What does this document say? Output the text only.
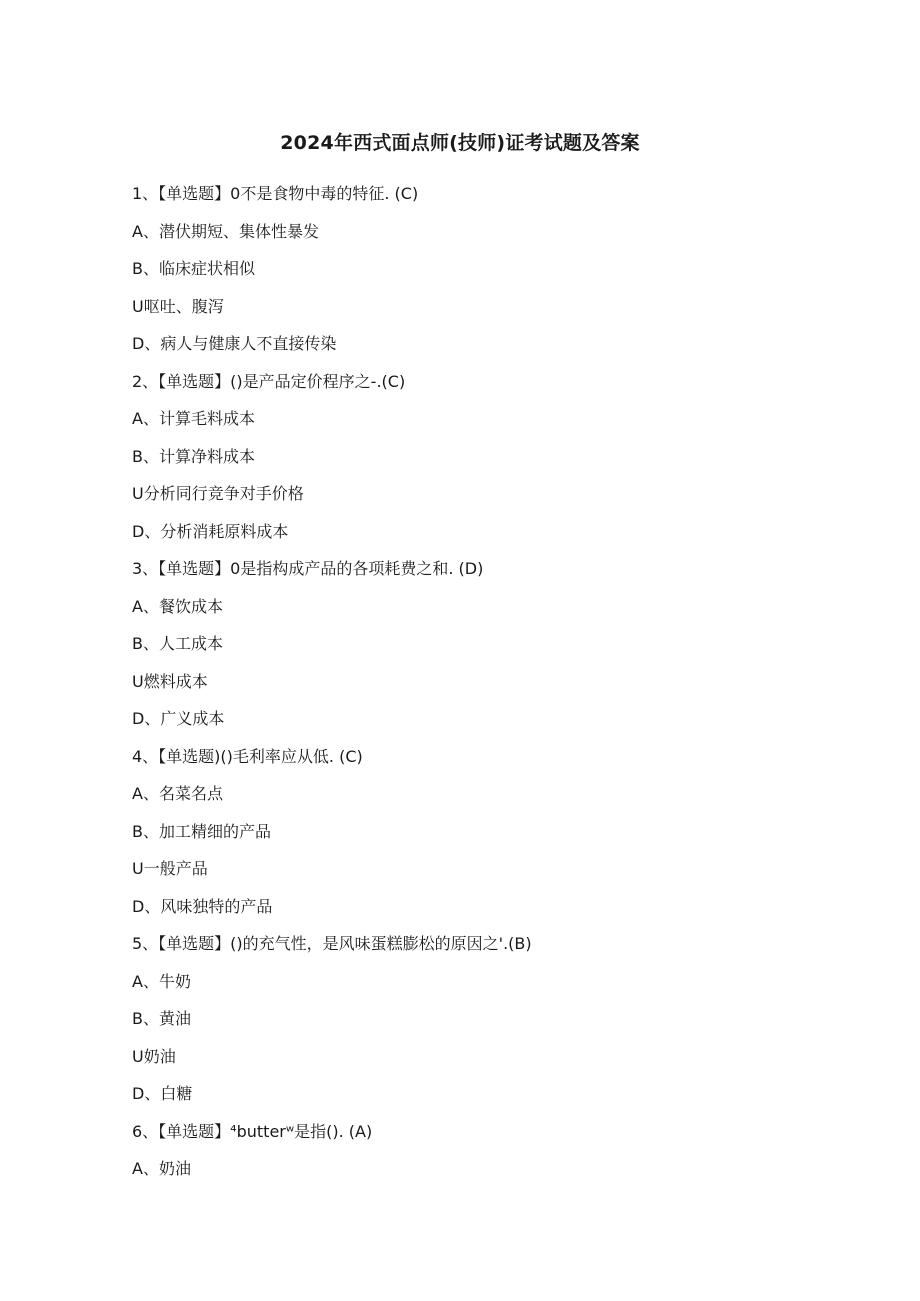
2024年西式面点师(技师)证考试题及答案
1、【单选题】0不是食物中毒的特征. (C)
A、潜伏期短、集体性暴发
B、临床症状相似
U呕吐、腹泻
D、病人与健康人不直接传染
2、【单选题】()是产品定价程序之-.(C)
A、计算毛料成本
B、计算净料成本
U分析同行竞争对手价格
D、分析消耗原料成本
3、【单选题】0是指构成产品的各项耗费之和. (D)
A、餐饮成本
B、人工成本
U燃料成本
D、广义成本
4、【单选题)()毛利率应从低. (C)
A、名菜名点
B、加工精细的产品
U一般产品
D、风味独特的产品
5、【单选题】()的充气性，是风味蛋糕膨松的原因之'.(B)
A、牛奶
B、黄油
U奶油
D、白糖
6、【单选题】⁴butterʷ是指(). (A)
A、奶油
